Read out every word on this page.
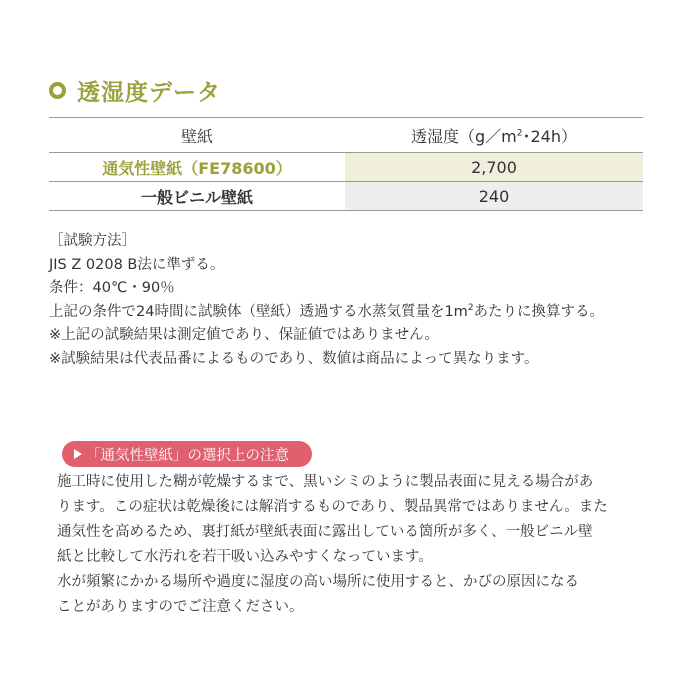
透湿度データ
壁紙	透湿度（$g/m^2$･24h）
通気性壁紙（FE78600）	2,700
一般ビニル壁紙	240
［試験方法］
JIS Z 0208 B法に準ずる。
条件：40℃・90％
上記の条件で24時間に試験体（壁紙）透過する水蒸気質量を$1m^2$あたりに換算する。
※上記の試験結果は測定値であり、保証値ではありません。
※試験結果は代表品番によるものであり、数値は商品によって異なります。
「通気性壁紙」の選択上の注意
施工時に使用した糊が乾燥するまで、黒いシミのように製品表面に見える場合があ
ります。この症状は乾燥後には解消するものであり、製品異常ではありません。また
通気性を高めるため、裏打紙が壁紙表面に露出している箇所が多く、一般ビニル壁
紙と比較して水汚れを若干吸い込みやすくなっています。
水が頻繁にかかる場所や過度に湿度の高い場所に使用すると、かびの原因になる
ことがありますのでご注意ください。
